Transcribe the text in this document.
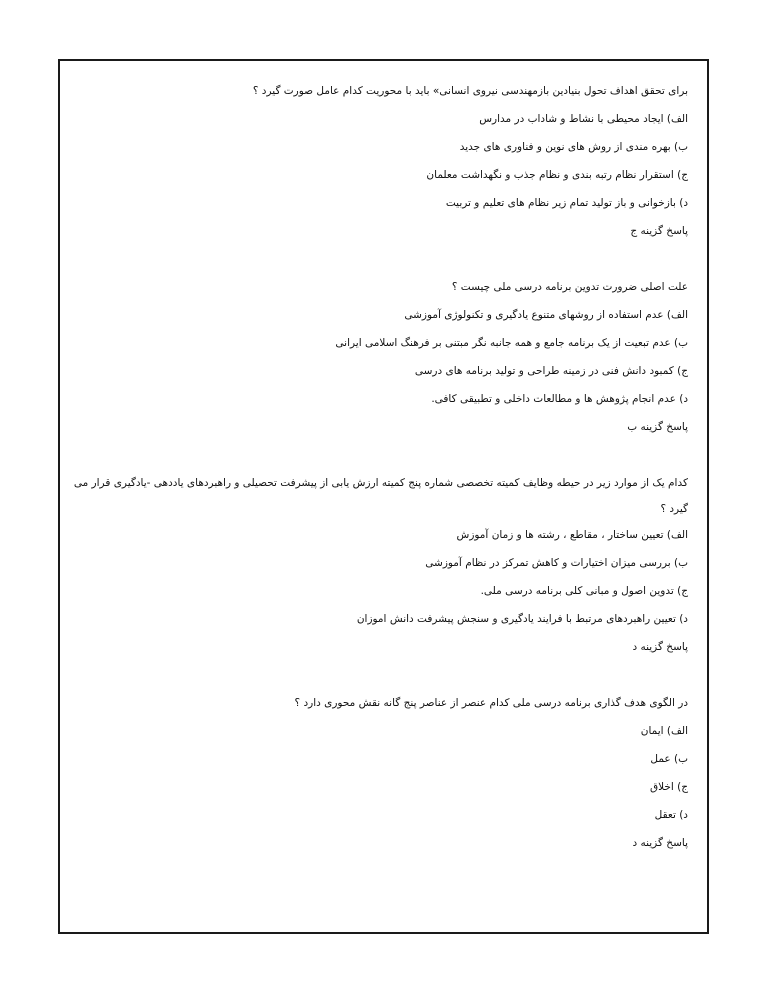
برای تحقق اهداف تحول بنیادین بازمهندسی نیروی انسانی» باید با محوریت کدام عامل صورت گیرد ؟

الف) ایجاد محیطی با نشاط و شاداب در مدارس

ب) بهره مندی از روش های نوین و فناوری های جدید

ج) استقرار نظام رتبه بندی و نظام جذب و نگهداشت معلمان

د) بازخوانی و باز تولید تمام زیر نظام های تعلیم و تربیت

پاسخ گزینه ج

علت اصلی ضرورت تدوین برنامه درسی ملی چیست ؟

الف) عدم استفاده از روشهای متنوع یادگیری و تکنولوژی آموزشی

ب) عدم تبعیت از یک برنامه جامع و همه جانبه نگر مبتنی بر فرهنگ اسلامی ایرانی

ج) کمبود دانش فنی در زمینه طراحی و تولید برنامه های درسی

د) عدم انجام پژوهش ها و مطالعات داخلی و تطبیقی کافی.

پاسخ گزینه ب

کدام یک از موارد زیر در حیطه وظایف کمیته تخصصی شماره پنج کمیته ارزش یابی از پیشرفت تحصیلی و راهبردهای یاددهی -یادگیری قرار می گیرد ؟

الف) تعیین ساختار ، مقاطع ، رشته ها و زمان آموزش

ب) بررسی میزان اختیارات و کاهش تمرکز در نظام آموزشی

ج) تدوین اصول و مبانی کلی برنامه درسی ملی.

د) تعیین راهبردهای مرتبط با فرایند یادگیری و سنجش پیشرفت دانش اموزان

پاسخ گزینه د

در الگوی هدف گذاری برنامه درسی ملی کدام عنصر از عناصر پنج گانه نقش محوری دارد ؟

الف) ایمان

ب) عمل

ج) اخلاق

د) تعقل

پاسخ گزینه د
